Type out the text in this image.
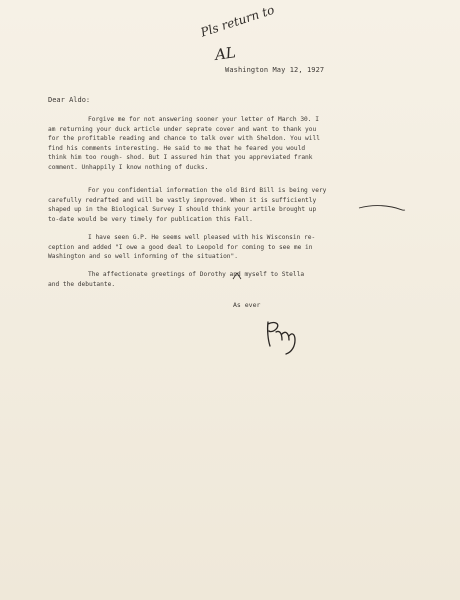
Pls return to
AL
Washington May 12, 1927
Dear Aldo:
Forgive me for not answering sooner your letter of March 30. I
am returning your duck article under seprate cover and want to thank you
for the profitable reading and chance to talk over with Sheldon. You will
find his comments interesting. He said to me that he feared you would
think him too rough- shod. But I assured him that you appreviated frank
comment. Unhappily I know nothing of ducks.
For you confidential information the old Bird Bill is being very
carefully redrafted and will be vastly improved. When it is sufficiently
shaped up in the Biological Survey I should think your artile brought up
to-date would be very timely for publication this Fall.
I have seen G.P. He seems well pleased with his Wisconsin re-
ception and added "I owe a good deal to Leopold for coming to see me in
Washington and so well informing of the situation".
The affectionate greetings of Dorothy and myself to Stella
and the debutante.
As ever
